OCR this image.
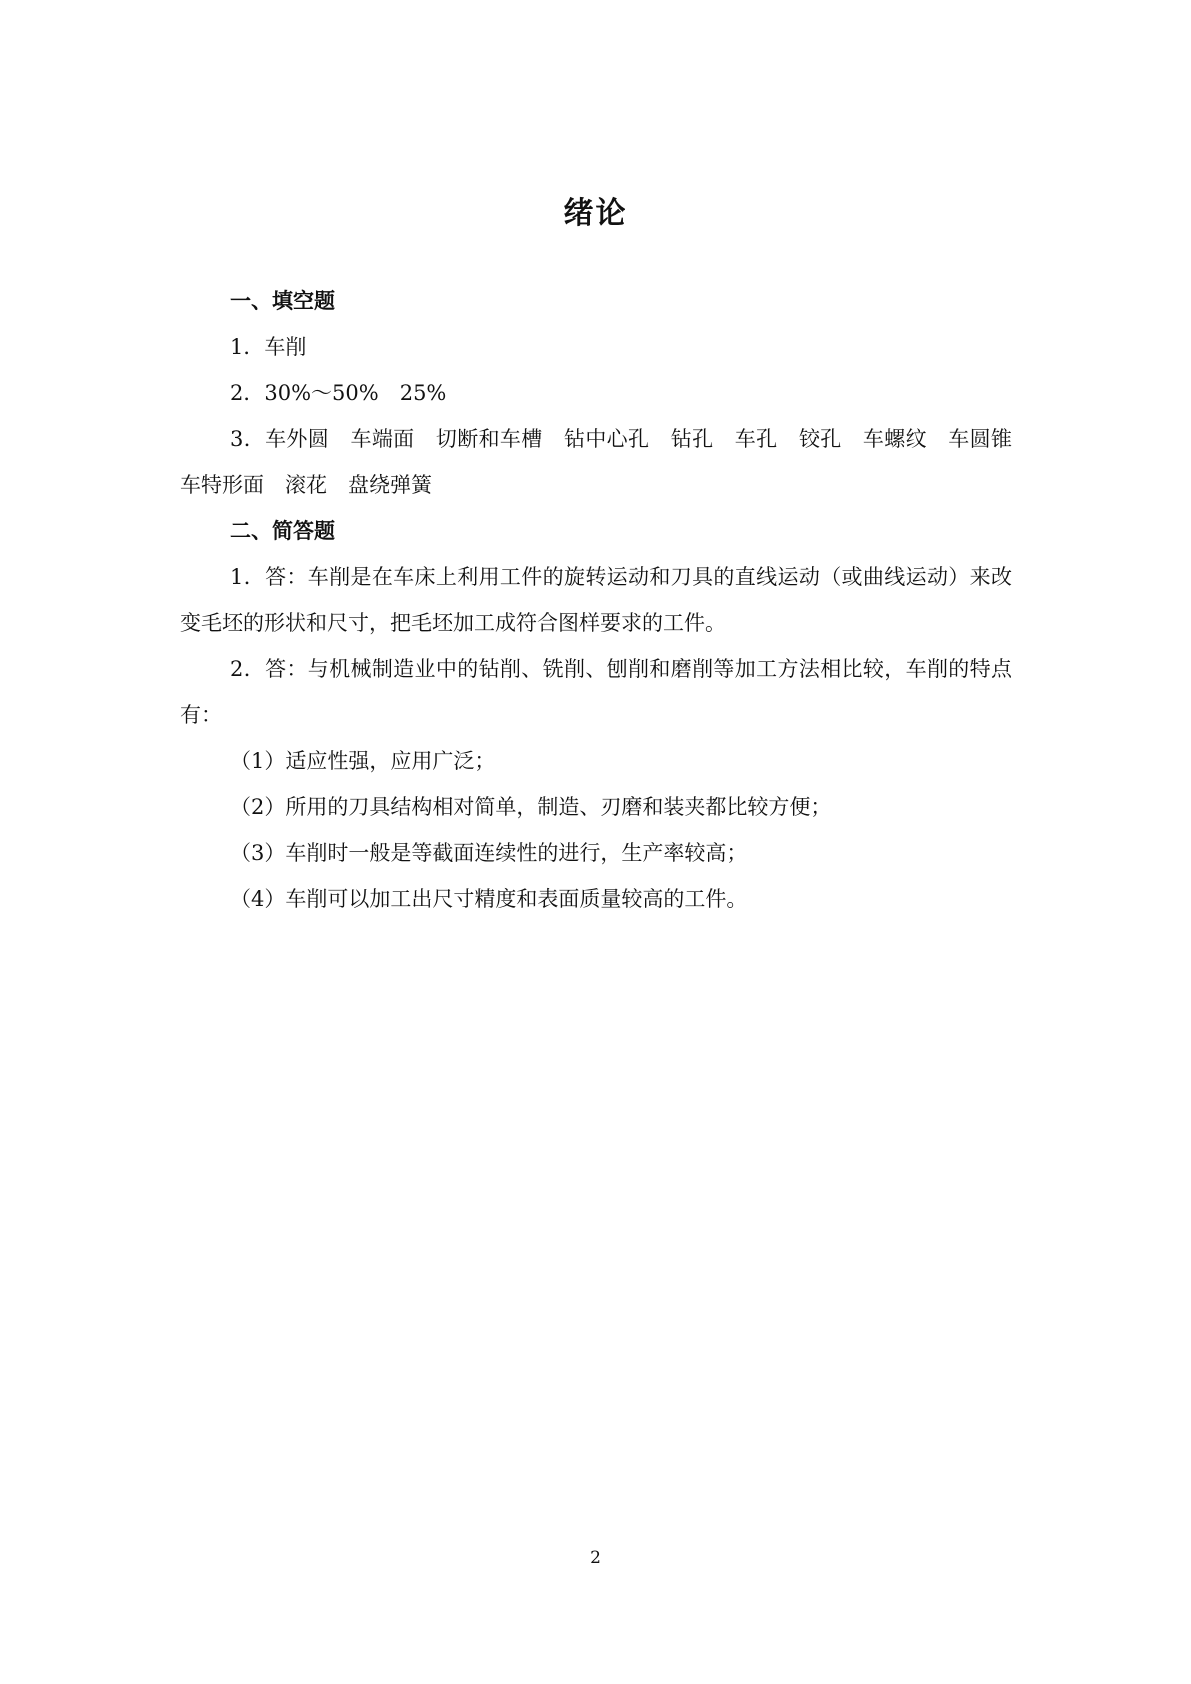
绪论

一、填空题

1．车削

2．30%～50%　25%

3．车外圆　车端面　切断和车槽　钻中心孔　钻孔　车孔　铰孔　车螺纹　车圆锥　车特形面　滚花　盘绕弹簧

二、简答题

1．答：车削是在车床上利用工件的旋转运动和刀具的直线运动（或曲线运动）来改变毛坯的形状和尺寸，把毛坯加工成符合图样要求的工件。

2．答：与机械制造业中的钻削、铣削、刨削和磨削等加工方法相比较，车削的特点有：

（1）适应性强，应用广泛；

（2）所用的刀具结构相对简单，制造、刃磨和装夹都比较方便；

（3）车削时一般是等截面连续性的进行，生产率较高；

（4）车削可以加工出尺寸精度和表面质量较高的工件。

2
